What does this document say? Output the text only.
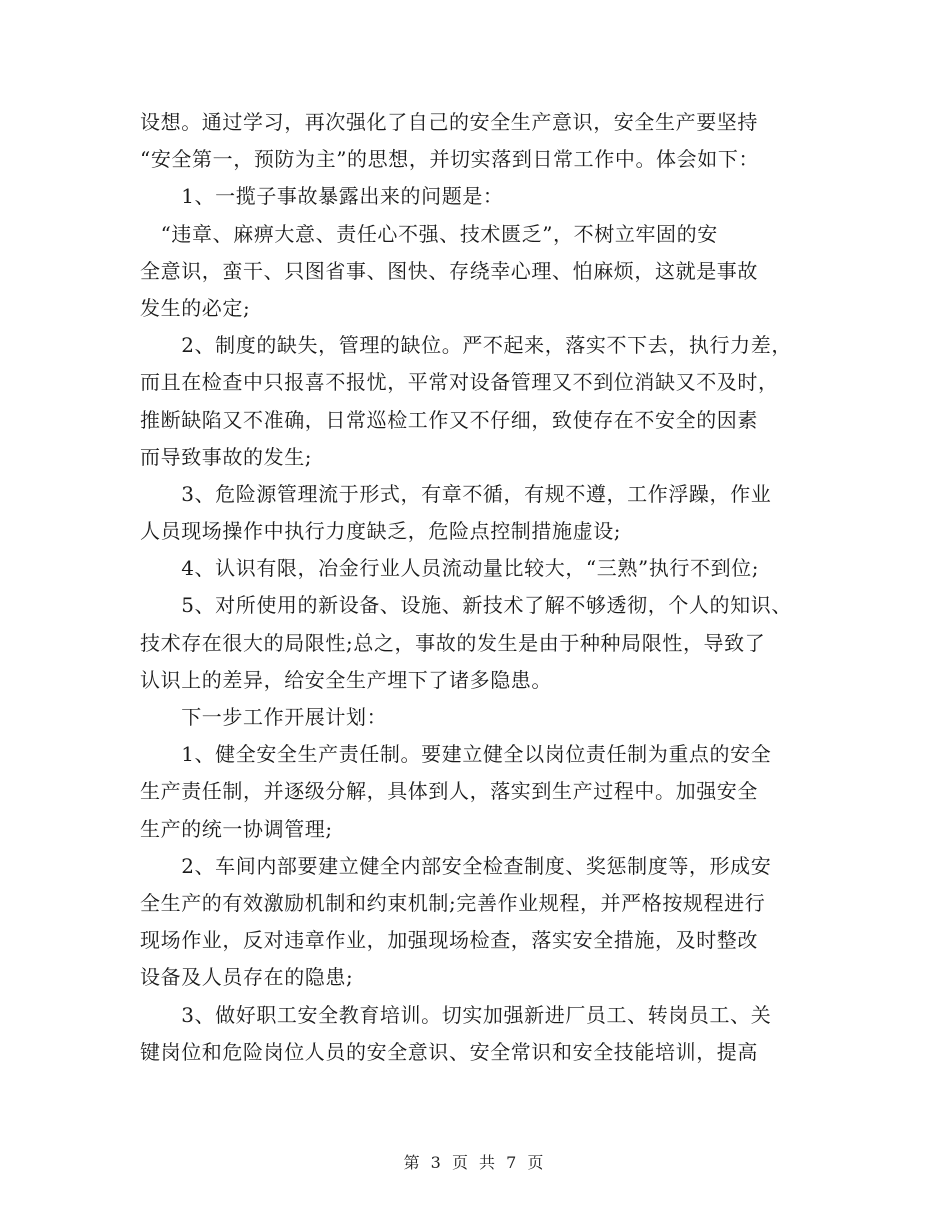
设想。通过学习，再次强化了自己的安全生产意识，安全生产要坚持
“安全第一，预防为主”的思想，并切实落到日常工作中。体会如下：
　　1、一揽子事故暴露出来的问题是：
　“违章、麻痹大意、责任心不强、技术匮乏”，不树立牢固的安
全意识，蛮干、只图省事、图快、存绕幸心理、怕麻烦，这就是事故
发生的必定;
　　2、制度的缺失，管理的缺位。严不起来，落实不下去，执行力差，
而且在检查中只报喜不报忧，平常对设备管理又不到位消缺又不及时，
推断缺陷又不准确，日常巡检工作又不仔细，致使存在不安全的因素
而导致事故的发生;
　　3、危险源管理流于形式，有章不循，有规不遵，工作浮躁，作业
人员现场操作中执行力度缺乏，危险点控制措施虚设;
　　4、认识有限，冶金行业人员流动量比较大，“三熟”执行不到位;
　　5、对所使用的新设备、设施、新技术了解不够透彻，个人的知识、
技术存在很大的局限性;总之，事故的发生是由于种种局限性，导致了
认识上的差异，给安全生产埋下了诸多隐患。
　　下一步工作开展计划：
　　1、健全安全生产责任制。要建立健全以岗位责任制为重点的安全
生产责任制，并逐级分解，具体到人，落实到生产过程中。加强安全
生产的统一协调管理;
　　2、车间内部要建立健全内部安全检查制度、奖惩制度等，形成安
全生产的有效激励机制和约束机制;完善作业规程，并严格按规程进行
现场作业，反对违章作业，加强现场检查，落实安全措施，及时整改
设备及人员存在的隐患;
　　3、做好职工安全教育培训。切实加强新进厂员工、转岗员工、关
键岗位和危险岗位人员的安全意识、安全常识和安全技能培训，提高
第 3 页 共 7 页
